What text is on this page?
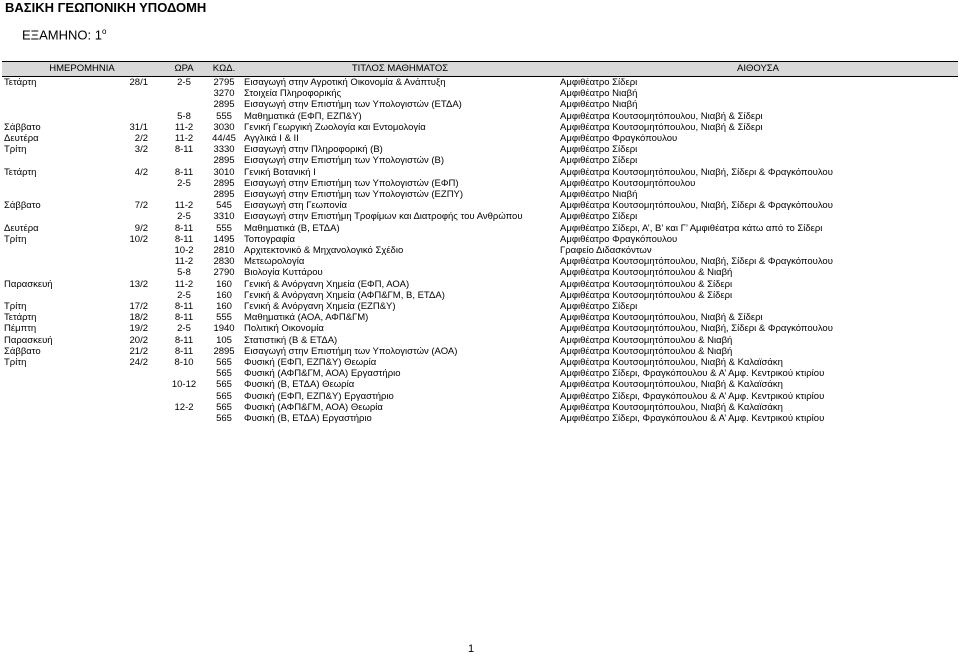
ΒΑΣΙΚΗ ΓΕΩΠΟΝΙΚΗ ΥΠΟΔΟΜΗ
ΕΞΑΜΗΝΟ: $1^o$
ΗΜΕΡΟΜΗΝΙΑ		ΩΡΑ	ΚΩΔ.	ΤΙΤΛΟΣ ΜΑΘΗΜΑΤΟΣ	ΑΙΘΟΥΣΑ
Τετάρτη	28/1	2-5	2795	Εισαγωγή στην Αγροτική Οικονομία & Ανάπτυξη	Αμφιθέατρο Σίδερι
			3270	Στοιχεία Πληροφορικής	Αμφιθέατρο Νιαβή
			2895	Εισαγωγή στην Επιστήμη των Υπολογιστών (ΕΤΔΑ)	Αμφιθέατρο Νιαβή
		5-8	555	Μαθηματικά (ΕΦΠ, ΕΖΠ&Υ)	Αμφιθέατρα Κουτσομητόπουλου, Νιαβή & Σίδερι
Σάββατο	31/1	11-2	3030	Γενική Γεωργική Ζωολογία και Εντομολογία	Αμφιθέατρα Κουτσομητόπουλου, Νιαβή & Σίδερι
Δευτέρα	2/2	11-2	44/45	Αγγλικά I & II	Αμφιθέατρο Φραγκόπουλου
Τρίτη	3/2	8-11	3330	Εισαγωγή στην Πληροφορική (Β)	Αμφιθέατρο Σίδερι
			2895	Εισαγωγή στην Επιστήμη των Υπολογιστών (Β)	Αμφιθέατρο Σίδερι
Τετάρτη	4/2	8-11	3010	Γενική Βοτανική Ι	Αμφιθέατρα Κουτσομητόπουλου, Νιαβή, Σίδερι & Φραγκόπουλου
		2-5	2895	Εισαγωγή στην Επιστήμη των Υπολογιστών (ΕΦΠ)	Αμφιθέατρο Κουτσομητόπουλου
			2895	Εισαγωγή στην Επιστήμη των Υπολογιστών (ΕΖΠΥ)	Αμφιθέατρο Νιαβή
Σάββατο	7/2	11-2	545	Εισαγωγή στη Γεωπονία	Αμφιθέατρα Κουτσομητόπουλου, Νιαβή, Σίδερι & Φραγκόπουλου
		2-5	3310	Εισαγωγή στην Επιστήμη Τροφίμων και Διατροφής του Ανθρώπου	Αμφιθέατρο Σίδερι
Δευτέρα	9/2	8-11	555	Μαθηματικά (Β, ΕΤΔΑ)	Αμφιθέατρο Σίδερι, Α’, Β’ και Γ’ Αμφιθέατρα κάτω από το Σίδερι
Τρίτη	10/2	8-11	1495	Τοπογραφία	Αμφιθέατρο Φραγκόπουλου
		10-2	2810	Αρχιτεκτονικό & Μηχανολογικό Σχέδιο	Γραφείο Διδασκόντων
		11-2	2830	Μετεωρολογία	Αμφιθέατρα Κουτσομητόπουλου, Νιαβή, Σίδερι & Φραγκόπουλου
		5-8	2790	Βιολογία Κυττάρου	Αμφιθέατρα Κουτσομητόπουλου & Νιαβή
Παρασκευή	13/2	11-2	160	Γενική & Ανόργανη Χημεία (ΕΦΠ, ΑΟΑ)	Αμφιθέατρα Κουτσομητόπουλου & Σίδερι
		2-5	160	Γενική & Ανόργανη Χημεία (ΑΦΠ&ΓΜ, Β, ΕΤΔΑ)	Αμφιθέατρα Κουτσομητόπουλου & Σίδερι
Τρίτη	17/2	8-11	160	Γενική & Ανόργανη Χημεία (ΕΖΠ&Υ)	Αμφιθέατρο Σίδερι
Τετάρτη	18/2	8-11	555	Μαθηματικά (ΑΟΑ, ΑΦΠ&ΓΜ)	Αμφιθέατρα Κουτσομητόπουλου, Νιαβή & Σίδερι
Πέμπτη	19/2	2-5	1940	Πολιτική Οικονομία	Αμφιθέατρα Κουτσομητόπουλου, Νιαβή, Σίδερι & Φραγκόπουλου
Παρασκευή	20/2	8-11	105	Στατιστική (Β & ΕΤΔΑ)	Αμφιθέατρα Κουτσομητόπουλου & Νιαβή
Σάββατο	21/2	8-11	2895	Εισαγωγή στην Επιστήμη των Υπολογιστών (ΑΟΑ)	Αμφιθέατρα Κουτσομητόπουλου & Νιαβή
Τρίτη	24/2	8-10	565	Φυσική (ΕΦΠ, ΕΖΠ&Υ) Θεωρία	Αμφιθέατρα Κουτσομητόπουλου, Νιαβή & Καλαϊσάκη
			565	Φυσική (ΑΦΠ&ΓΜ, ΑΟΑ) Εργαστήριο	Αμφιθέατρο Σίδερι, Φραγκόπουλου & Α’ Αμφ. Κεντρικού κτιρίου
		10-12	565	Φυσική (Β, ΕΤΔΑ) Θεωρία	Αμφιθέατρα Κουτσομητόπουλου, Νιαβή & Καλαϊσάκη
			565	Φυσική (ΕΦΠ, ΕΖΠ&Υ) Εργαστήριο	Αμφιθέατρο Σίδερι, Φραγκόπουλου & Α’ Αμφ. Κεντρικού κτιρίου
		12-2	565	Φυσική (ΑΦΠ&ΓΜ, ΑΟΑ) Θεωρία	Αμφιθέατρα Κουτσομητόπουλου, Νιαβή & Καλαϊσάκη
			565	Φυσική (Β, ΕΤΔΑ) Εργαστήριο	Αμφιθέατρο Σίδερι, Φραγκόπουλου & Α’ Αμφ. Κεντρικού κτιρίου
1
